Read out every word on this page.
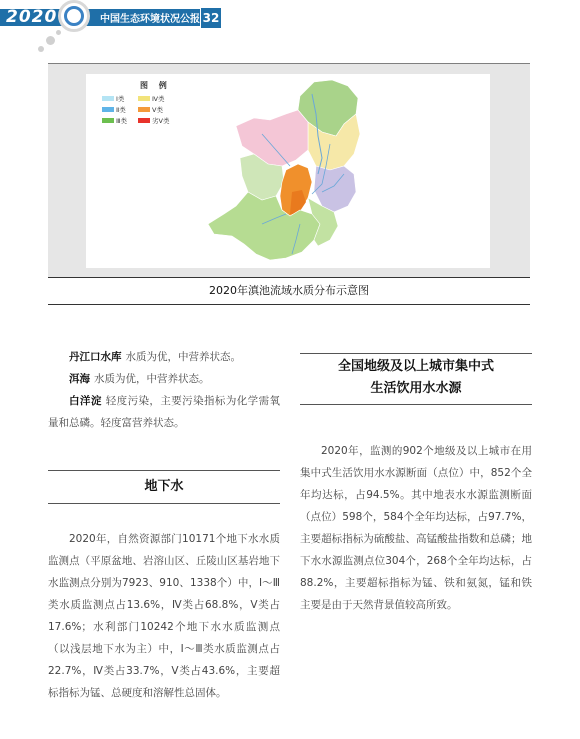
2020	中国生态环境状况公报 32
图 例
Ⅰ类	Ⅳ类
Ⅱ类	Ⅴ类
Ⅲ类	劣Ⅴ类
2020年滇池流域水质分布示意图

丹江口水库 水质为优，中营养状态。

洱海 水质为优，中营养状态。

白洋淀 轻度污染，主要污染指标为化学需氧量和总磷。轻度富营养状态。

地下水

2020年，自然资源部门10171个地下水水质监测点（平原盆地、岩溶山区、丘陵山区基岩地下水监测点分别为7923、910、1338个）中，Ⅰ～Ⅲ类水质监测点占13.6%，Ⅳ类占68.8%，Ⅴ类占17.6%；水利部门10242个地下水水质监测点（以浅层地下水为主）中，Ⅰ～Ⅲ类水质监测点占22.7%，Ⅳ类占33.7%，Ⅴ类占43.6%，主要超标指标为锰、总硬度和溶解性总固体。

全国地级及以上城市集中式
生活饮用水水源

2020年，监测的902个地级及以上城市在用集中式生活饮用水水源断面（点位）中，852个全年均达标，占94.5%。其中地表水水源监测断面（点位）598个，584个全年均达标，占97.7%，主要超标指标为硫酸盐、高锰酸盐指数和总磷；地下水水源监测点位304个，268个全年均达标，占88.2%，主要超标指标为锰、铁和氨氮，锰和铁主要是由于天然背景值较高所致。
